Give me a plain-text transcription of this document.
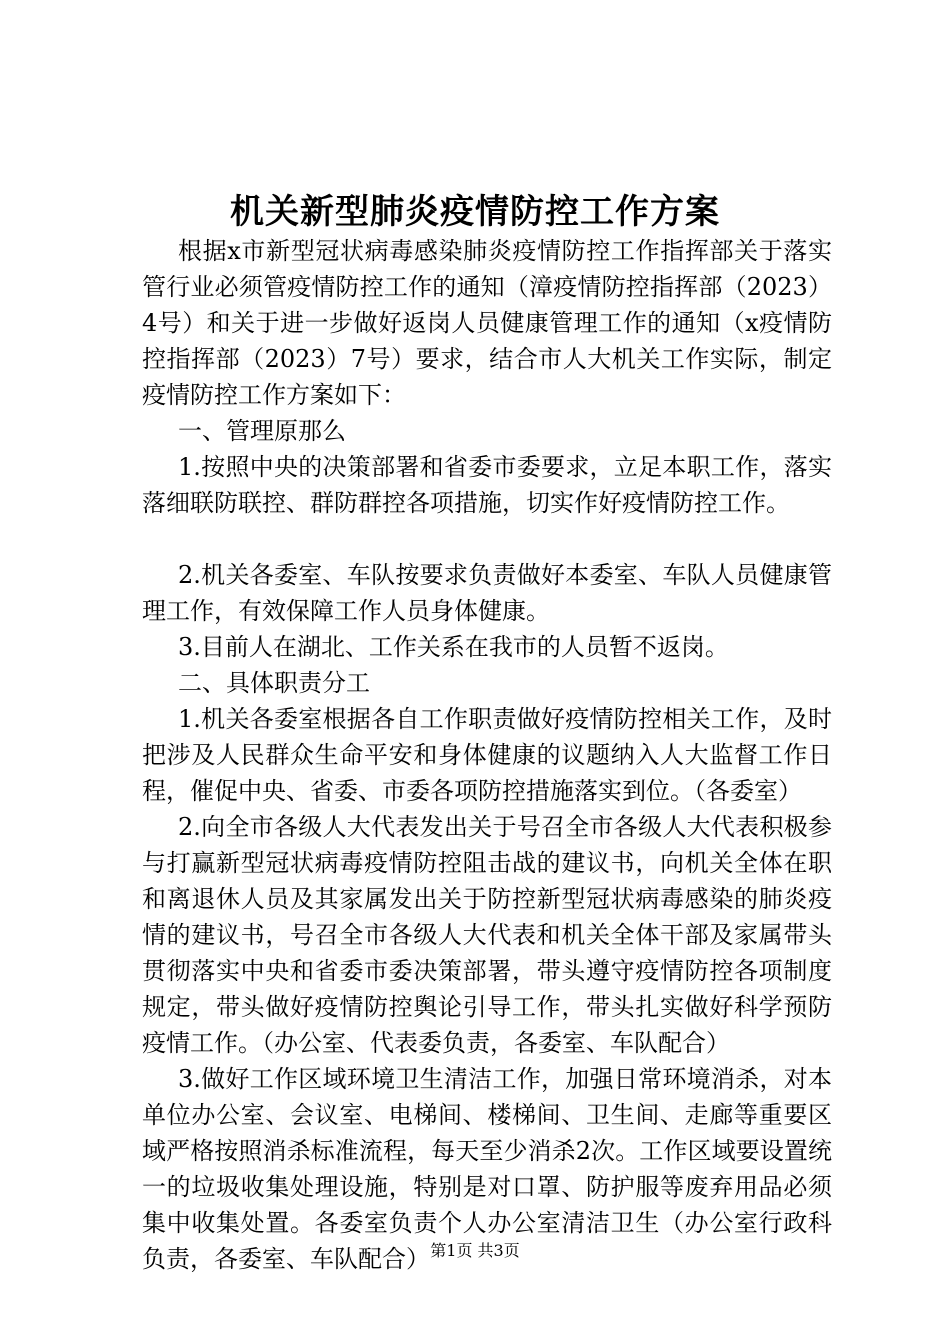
机关新型肺炎疫情防控工作方案

根据x市新型冠状病毒感染肺炎疫情防控工作指挥部关于落实管行业必须管疫情防控工作的通知（漳疫情防控指挥部（2023）4号）和关于进一步做好返岗人员健康管理工作的通知（x疫情防控指挥部（2023）7号）要求，结合市人大机关工作实际，制定疫情防控工作方案如下：

一、管理原那么

1.按照中央的决策部署和省委市委要求，立足本职工作，落实落细联防联控、群防群控各项措施，切实作好疫情防控工作。

2.机关各委室、车队按要求负责做好本委室、车队人员健康管理工作，有效保障工作人员身体健康。

3.目前人在湖北、工作关系在我市的人员暂不返岗。

二、具体职责分工

1.机关各委室根据各自工作职责做好疫情防控相关工作，及时把涉及人民群众生命平安和身体健康的议题纳入人大监督工作日程，催促中央、省委、市委各项防控措施落实到位。（各委室）

2.向全市各级人大代表发出关于号召全市各级人大代表积极参与打赢新型冠状病毒疫情防控阻击战的建议书，向机关全体在职和离退休人员及其家属发出关于防控新型冠状病毒感染的肺炎疫情的建议书，号召全市各级人大代表和机关全体干部及家属带头贯彻落实中央和省委市委决策部署，带头遵守疫情防控各项制度规定，带头做好疫情防控舆论引导工作，带头扎实做好科学预防疫情工作。（办公室、代表委负责，各委室、车队配合）

3.做好工作区域环境卫生清洁工作，加强日常环境消杀，对本单位办公室、会议室、电梯间、楼梯间、卫生间、走廊等重要区域严格按照消杀标准流程，每天至少消杀2次。工作区域要设置统一的垃圾收集处理设施，特别是对口罩、防护服等废弃用品必须集中收集处置。各委室负责个人办公室清洁卫生（办公室行政科负责，各委室、车队配合） 第1页 共3页
